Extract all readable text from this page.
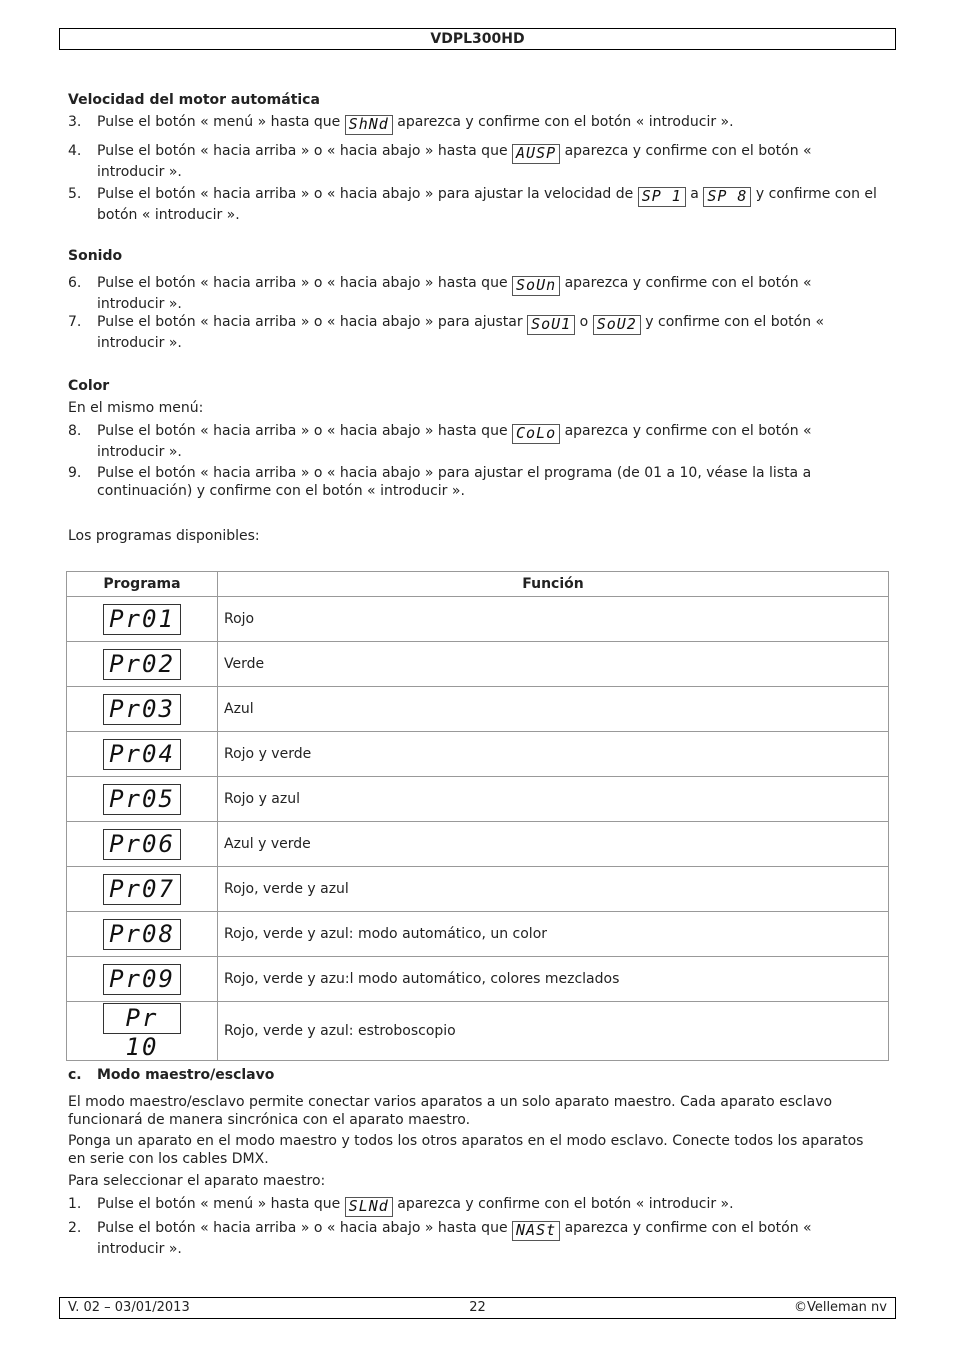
VDPL300HD
Velocidad del motor automática
3. Pulse el botón « menú » hasta que ShNd aparezca y confirme con el botón « introducir ».
4. Pulse el botón « hacia arriba » o « hacia abajo » hasta que AUSP aparezca y confirme con el botón « introducir ».
5. Pulse el botón « hacia arriba » o « hacia abajo » para ajustar la velocidad de SP 1 a SP 8 y confirme con el botón « introducir ».
Sonido
6. Pulse el botón « hacia arriba » o « hacia abajo » hasta que SoUn aparezca y confirme con el botón « introducir ».
7. Pulse el botón « hacia arriba » o « hacia abajo » para ajustar SoU1 o SoU2 y confirme con el botón « introducir ».
Color
En el mismo menú:
8. Pulse el botón « hacia arriba » o « hacia abajo » hasta que CoLo aparezca y confirme con el botón « introducir ».
9. Pulse el botón « hacia arriba » o « hacia abajo » para ajustar el programa (de 01 a 10, véase la lista a continuación) y confirme con el botón « introducir ».
Los programas disponibles:
Programa	Función
Pr01	Rojo
Pr02	Verde
Pr03	Azul
Pr04	Rojo y verde
Pr05	Rojo y azul
Pr06	Azul y verde
Pr07	Rojo, verde y azul
Pr08	Rojo, verde y azul: modo automático, un color
Pr09	Rojo, verde y azu:l modo automático, colores mezclados
Pr 10	Rojo, verde y azul: estroboscopio
c. Modo maestro/esclavo
El modo maestro/esclavo permite conectar varios aparatos a un solo aparato maestro. Cada aparato esclavo funcionará de manera sincrónica con el aparato maestro.
Ponga un aparato en el modo maestro y todos los otros aparatos en el modo esclavo. Conecte todos los aparatos en serie con los cables DMX.
Para seleccionar el aparato maestro:
1. Pulse el botón « menú » hasta que SLNd aparezca y confirme con el botón « introducir ».
2. Pulse el botón « hacia arriba » o « hacia abajo » hasta que NASt aparezca y confirme con el botón « introducir ».
V. 02 – 03/01/2013	22	©Velleman nv
